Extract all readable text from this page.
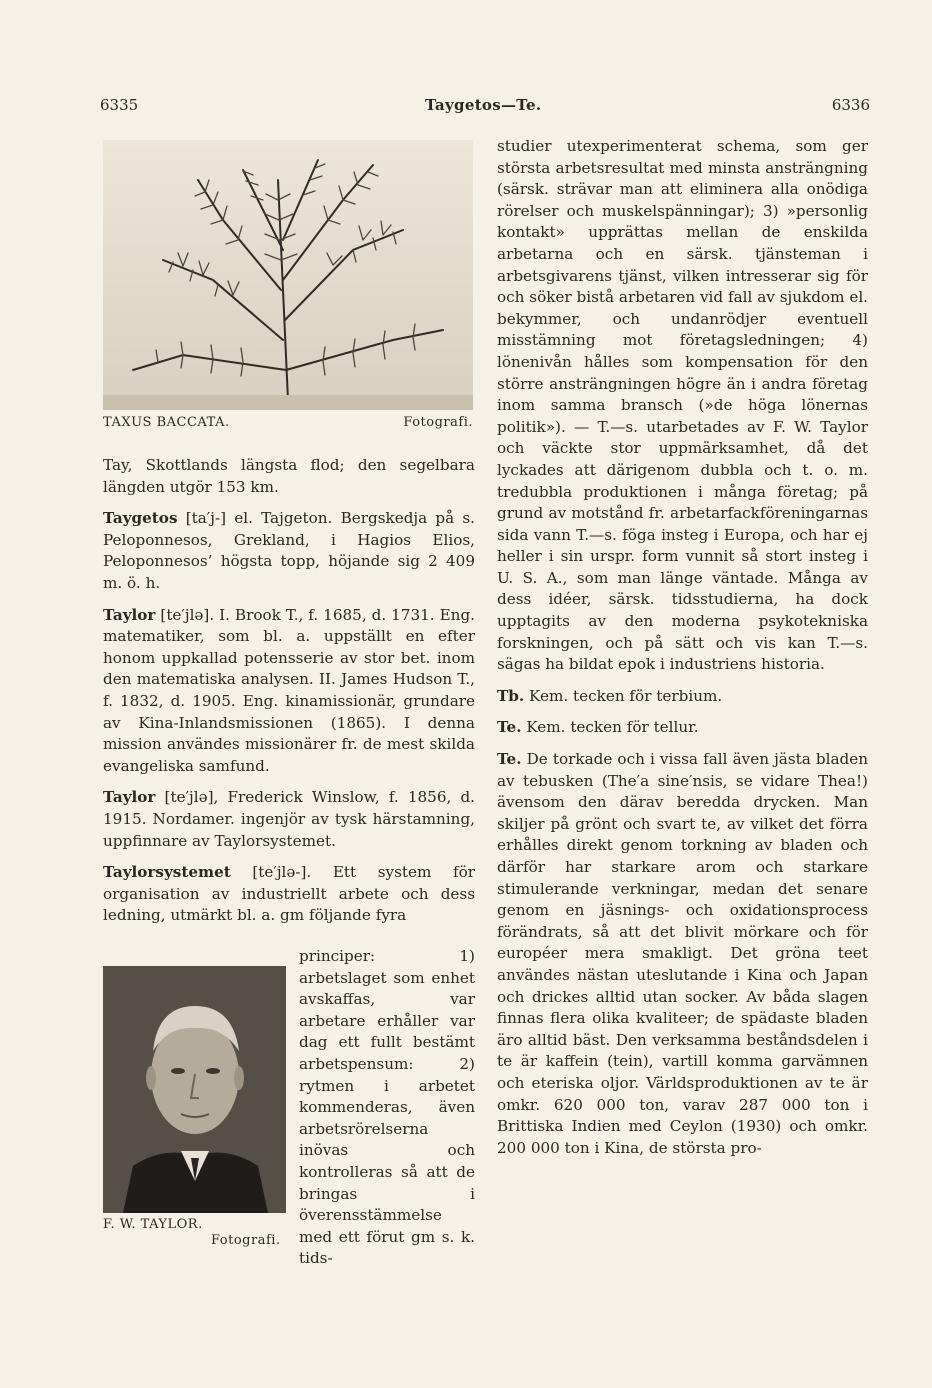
6335	Taygetos—Te.	6336
TAXUS BACCATA.	Fotografi.

Tay, Skottlands längsta flod; den segelbara längden utgör 153 km.

Taygetos [ta′j-] el. Tajgeton. Bergskedja på s. Peloponnesos, Grekland, i Hagios Elios, Peloponnesos’ högsta topp, höjande sig 2 409 m. ö. h.

Taylor [te′jlə]. I. Brook T., f. 1685, d. 1731. Eng. matematiker, som bl. a. uppställt en efter honom uppkallad potensserie av stor bet. inom den matematiska analysen. II. James Hudson T., f. 1832, d. 1905. Eng. kinamissionär, grundare av Kina-Inlandsmissionen (1865). I denna mission användes missionärer fr. de mest skilda evangeliska samfund.

Taylor [te′jlə], Frederick Winslow, f. 1856, d. 1915. Nordamer. ingenjör av tysk härstamning, uppfinnare av Taylorsystemet.

Taylorsystemet [te′jlə-]. Ett system för organisation av industriellt arbete och dess ledning, utmärkt bl. a. gm följande fyra

F. W. TAYLOR.
Fotografi.
principer: 1) arbetslaget som enhet avskaffas, var arbetare erhåller var dag ett fullt bestämt arbetspensum: 2) rytmen i arbetet kommenderas, även arbetsrörelserna inövas och kontrolleras så att de bringas i överensstämmelse med ett förut gm s. k. tids-

studier utexperimenterat schema, som ger största arbetsresultat med minsta ansträngning (särsk. strävar man att eliminera alla onödiga rörelser och muskelspänningar); 3) »personlig kontakt» upprättas mellan de enskilda arbetarna och en särsk. tjänsteman i arbetsgivarens tjänst, vilken intresserar sig för och söker bistå arbetaren vid fall av sjukdom el. bekymmer, och undanrödjer eventuell misstämning mot företagsledningen; 4) lönenivån hålles som kompensation för den större ansträngningen högre än i andra företag inom samma bransch (»de höga lönernas politik»). — T.—s. utarbetades av F. W. Taylor och väckte stor uppmärksamhet, då det lyckades att därigenom dubbla och t. o. m. tredubbla produktionen i många företag; på grund av motstånd fr. arbetarfackföreningarnas sida vann T.—s. föga insteg i Europa, och har ej heller i sin urspr. form vunnit så stort insteg i U. S. A., som man länge väntade. Många av dess idéer, särsk. tidsstudierna, ha dock upptagits av den moderna psykotekniska forskningen, och på sätt och vis kan T.—s. sägas ha bildat epok i industriens historia.

Tb. Kem. tecken för terbium.

Te. Kem. tecken för tellur.

Te. De torkade och i vissa fall även jästa bladen av tebusken (The′a sine′nsis, se vidare Thea!) ävensom den därav beredda drycken. Man skiljer på grönt och svart te, av vilket det förra erhålles direkt genom torkning av bladen och därför har starkare arom och starkare stimulerande verkningar, medan det senare genom en jäsnings- och oxidationsprocess förändrats, så att det blivit mörkare och för européer mera smakligt. Det gröna teet användes nästan uteslutande i Kina och Japan och drickes alltid utan socker. Av båda slagen finnas flera olika kvaliteer; de spädaste bladen äro alltid bäst. Den verksamma beståndsdelen i te är kaffein (tein), vartill komma garvämnen och eteriska oljor. Världsproduktionen av te är omkr. 620 000 ton, varav 287 000 ton i Brittiska Indien med Ceylon (1930) och omkr. 200 000 ton i Kina, de största pro-
